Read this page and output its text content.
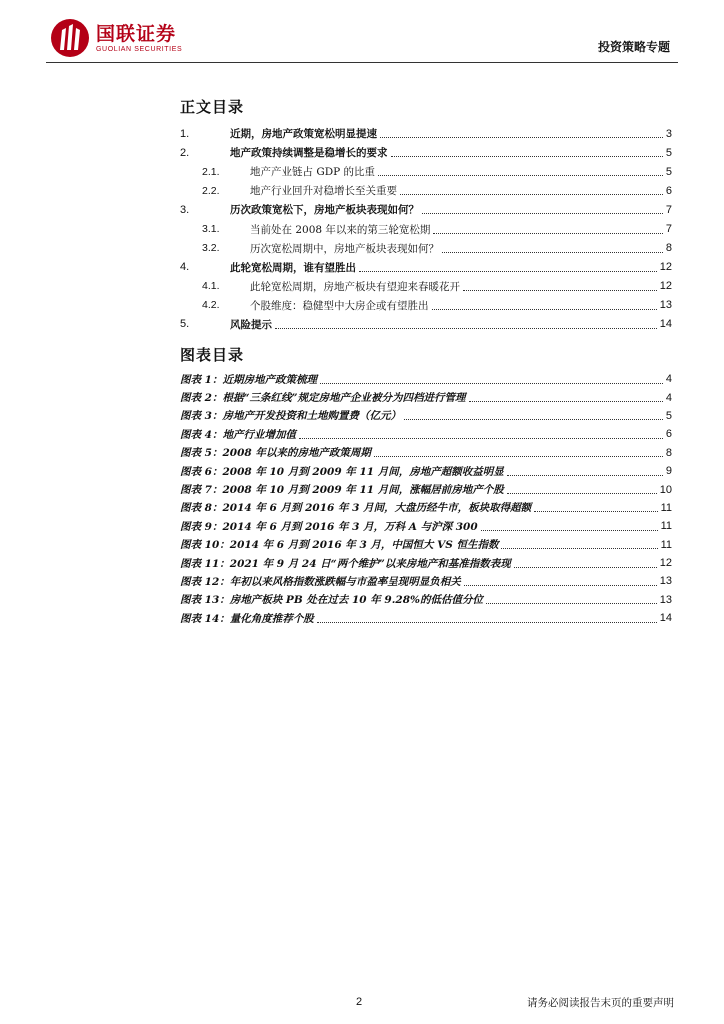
国联证券
GUOLIAN SECURITIES	投资策略专题
正文目录
1.	近期，房地产政策宽松明显提速	3
2.	地产政策持续调整是稳增长的要求	5
2.1.	地产产业链占 GDP 的比重	5
2.2.	地产行业回升对稳增长至关重要	6
3.	历次政策宽松下，房地产板块表现如何？	7
3.1.	当前处在 2008 年以来的第三轮宽松期	7
3.2.	历次宽松周期中，房地产板块表现如何？	8
4.	此轮宽松周期，谁有望胜出	12
4.1.	此轮宽松周期，房地产板块有望迎来春暖花开	12
4.2.	个股维度：稳健型中大房企或有望胜出	13
5.	风险提示	14
图表目录
图表 1：近期房地产政策梳理	4
图表 2：根据“三条红线”规定房地产企业被分为四档进行管理	4
图表 3：房地产开发投资和土地购置费（亿元）	5
图表 4：地产行业增加值	6
图表 5：2008 年以来的房地产政策周期	8
图表 6：2008 年 10 月到 2009 年 11 月间，房地产超额收益明显	9
图表 7：2008 年 10 月到 2009 年 11 月间，涨幅居前房地产个股	10
图表 8：2014 年 6 月到 2016 年 3 月间，大盘历经牛市，板块取得超额	11
图表 9：2014 年 6 月到 2016 年 3 月，万科 A 与沪深 300	11
图表 10：2014 年 6 月到 2016 年 3 月，中国恒大 VS 恒生指数	11
图表 11：2021 年 9 月 24 日“两个维护”以来房地产和基准指数表现	12
图表 12：年初以来风格指数涨跌幅与市盈率呈现明显负相关	13
图表 13：房地产板块 PB 处在过去 10 年 9.28%的低估值分位	13
图表 14：量化角度推荐个股	14
2	请务必阅读报告末页的重要声明
